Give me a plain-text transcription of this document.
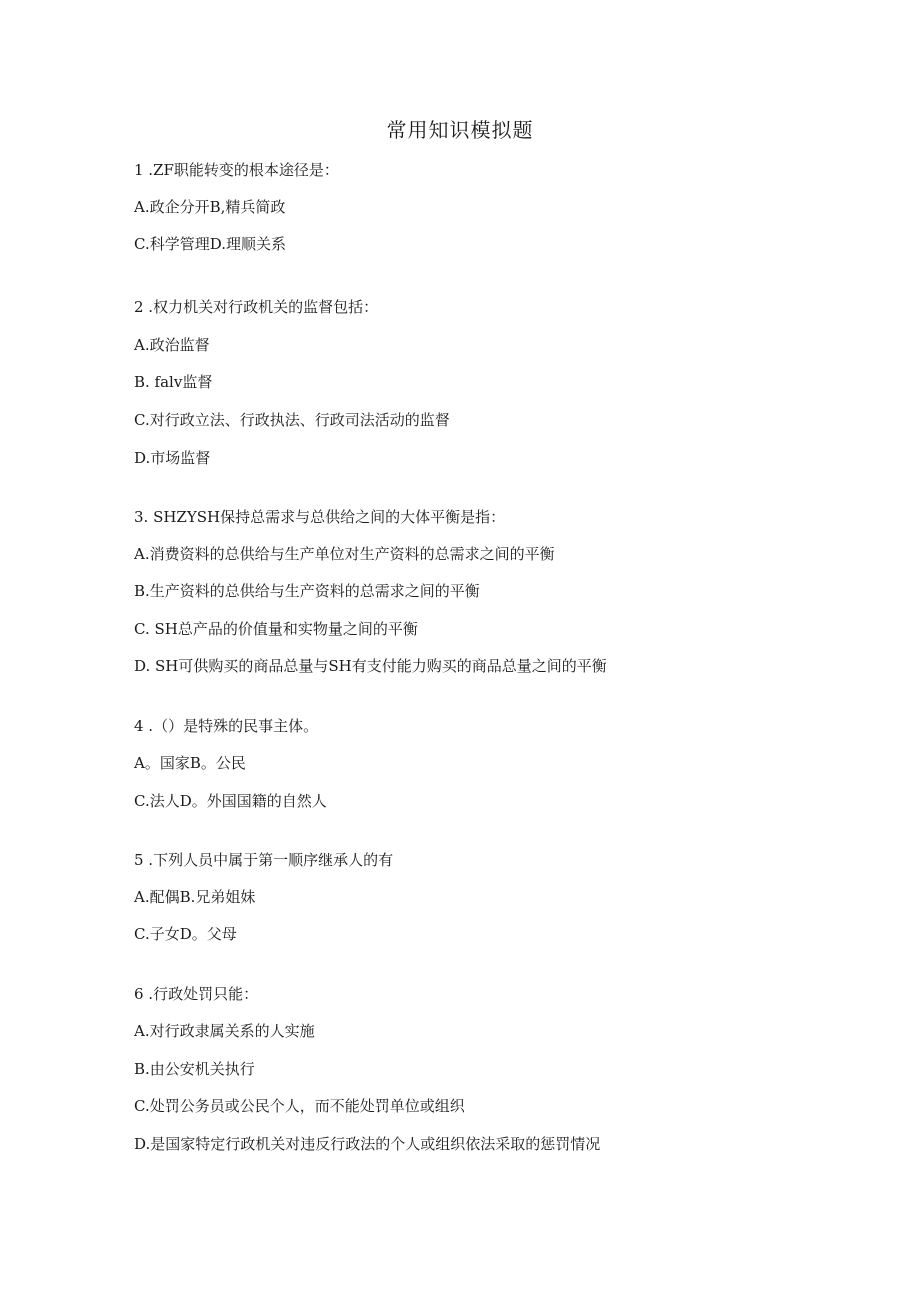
常用知识模拟题
1 .ZF职能转变的根本途径是：
A.政企分开B,精兵简政
C.科学管理D.理顺关系
2 .权力机关对行政机关的监督包括：
A.政治监督
B. falv监督
C.对行政立法、行政执法、行政司法活动的监督
D.市场监督
3. SHZYSH保持总需求与总供给之间的大体平衡是指：
A.消费资料的总供给与生产单位对生产资料的总需求之间的平衡
B.生产资料的总供给与生产资料的总需求之间的平衡
C. SH总产品的价值量和实物量之间的平衡
D. SH可供购买的商品总量与SH有支付能力购买的商品总量之间的平衡
4 .（）是特殊的民事主体。
A。国家B。公民
C.法人D。外国国籍的自然人
5 .下列人员中属于第一顺序继承人的有
A.配偶B.兄弟姐妹
C.子女D。父母
6 .行政处罚只能：
A.对行政隶属关系的人实施
B.由公安机关执行
C.处罚公务员或公民个人，而不能处罚单位或组织
D.是国家特定行政机关对违反行政法的个人或组织依法采取的惩罚情况
